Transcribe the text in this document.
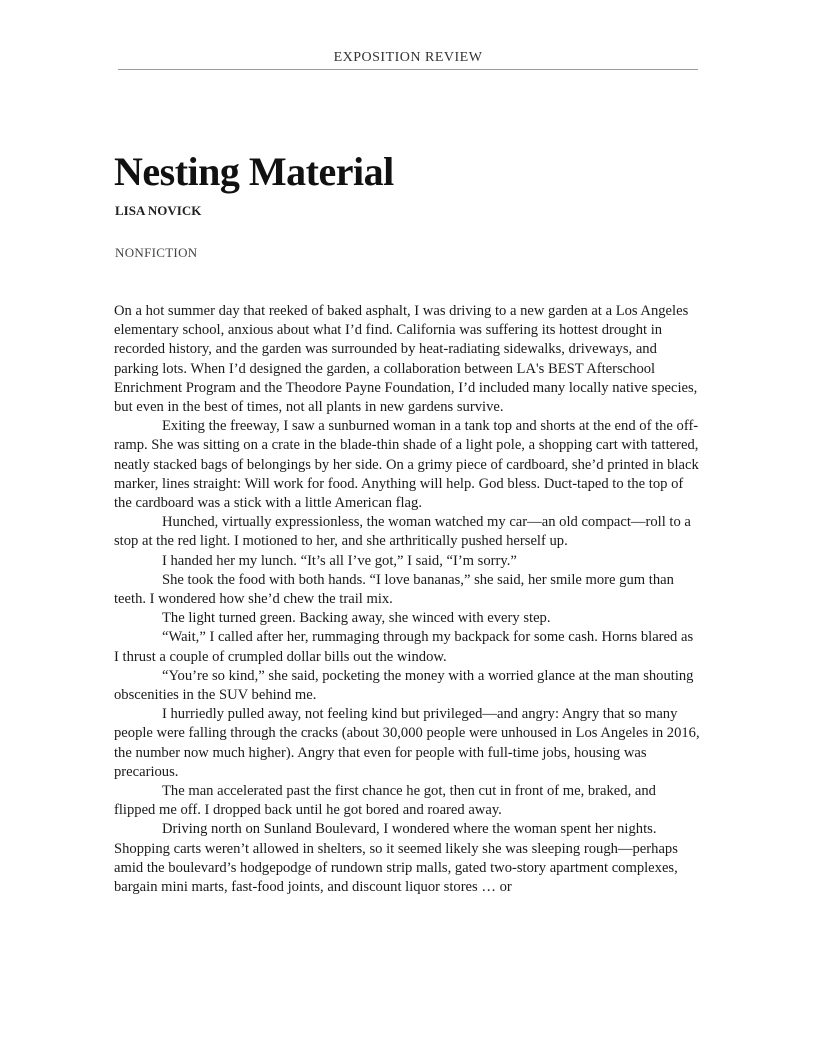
EXPOSITION REVIEW
Nesting Material
LISA NOVICK
NONFICTION

On a hot summer day that reeked of baked asphalt, I was driving to a new garden at a Los Angeles elementary school, anxious about what I’d find. California was suffering its hottest drought in recorded history, and the garden was surrounded by heat-radiating sidewalks, driveways, and parking lots. When I’d designed the garden, a collaboration between LA's BEST Afterschool Enrichment Program and the Theodore Payne Foundation, I’d included many locally native species, but even in the best of times, not all plants in new gardens survive.

Exiting the freeway, I saw a sunburned woman in a tank top and shorts at the end of the off-ramp. She was sitting on a crate in the blade-thin shade of a light pole, a shopping cart with tattered, neatly stacked bags of belongings by her side. On a grimy piece of cardboard, she’d printed in black marker, lines straight: Will work for food. Anything will help. God bless. Duct-taped to the top of the cardboard was a stick with a little American flag.

Hunched, virtually expressionless, the woman watched my car—an old compact—roll to a stop at the red light. I motioned to her, and she arthritically pushed herself up.

I handed her my lunch. “It’s all I’ve got,” I said, “I’m sorry.”

She took the food with both hands. “I love bananas,” she said, her smile more gum than teeth. I wondered how she’d chew the trail mix.

The light turned green. Backing away, she winced with every step.

“Wait,” I called after her, rummaging through my backpack for some cash. Horns blared as I thrust a couple of crumpled dollar bills out the window.

“You’re so kind,” she said, pocketing the money with a worried glance at the man shouting obscenities in the SUV behind me.

I hurriedly pulled away, not feeling kind but privileged—and angry: Angry that so many people were falling through the cracks (about 30,000 people were unhoused in Los Angeles in 2016, the number now much higher). Angry that even for people with full-time jobs, housing was precarious.

The man accelerated past the first chance he got, then cut in front of me, braked, and flipped me off. I dropped back until he got bored and roared away.

Driving north on Sunland Boulevard, I wondered where the woman spent her nights. Shopping carts weren’t allowed in shelters, so it seemed likely she was sleeping rough—perhaps amid the boulevard’s hodgepodge of rundown strip malls, gated two-story apartment complexes, bargain mini marts, fast-food joints, and discount liquor stores … or
